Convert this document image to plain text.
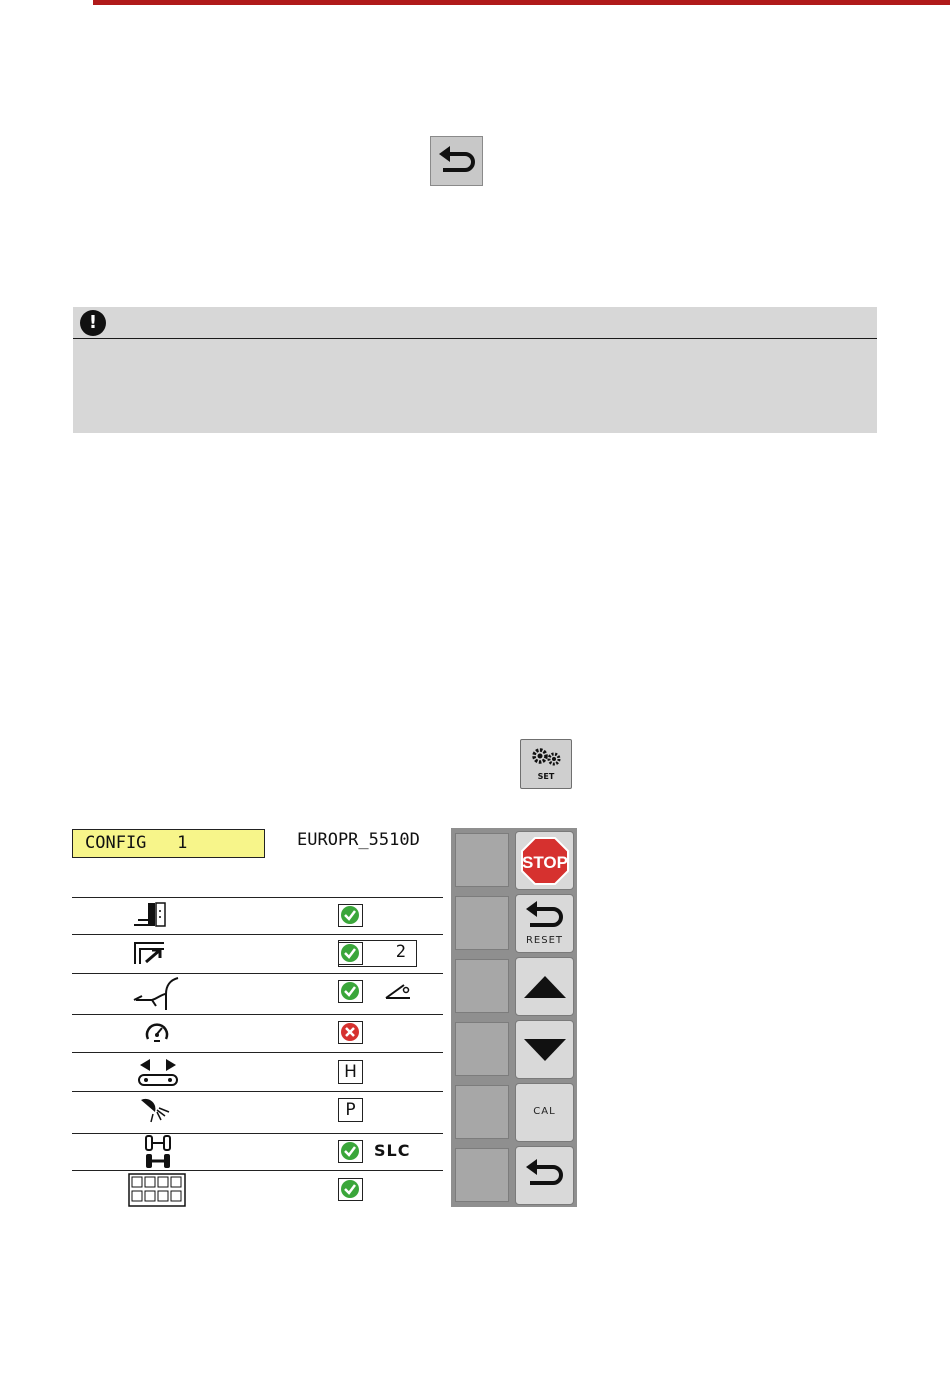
!
SET
CONFIG   1	EUROPR_5510D
2
H
P
SLC
STOP
RESET
CAL
